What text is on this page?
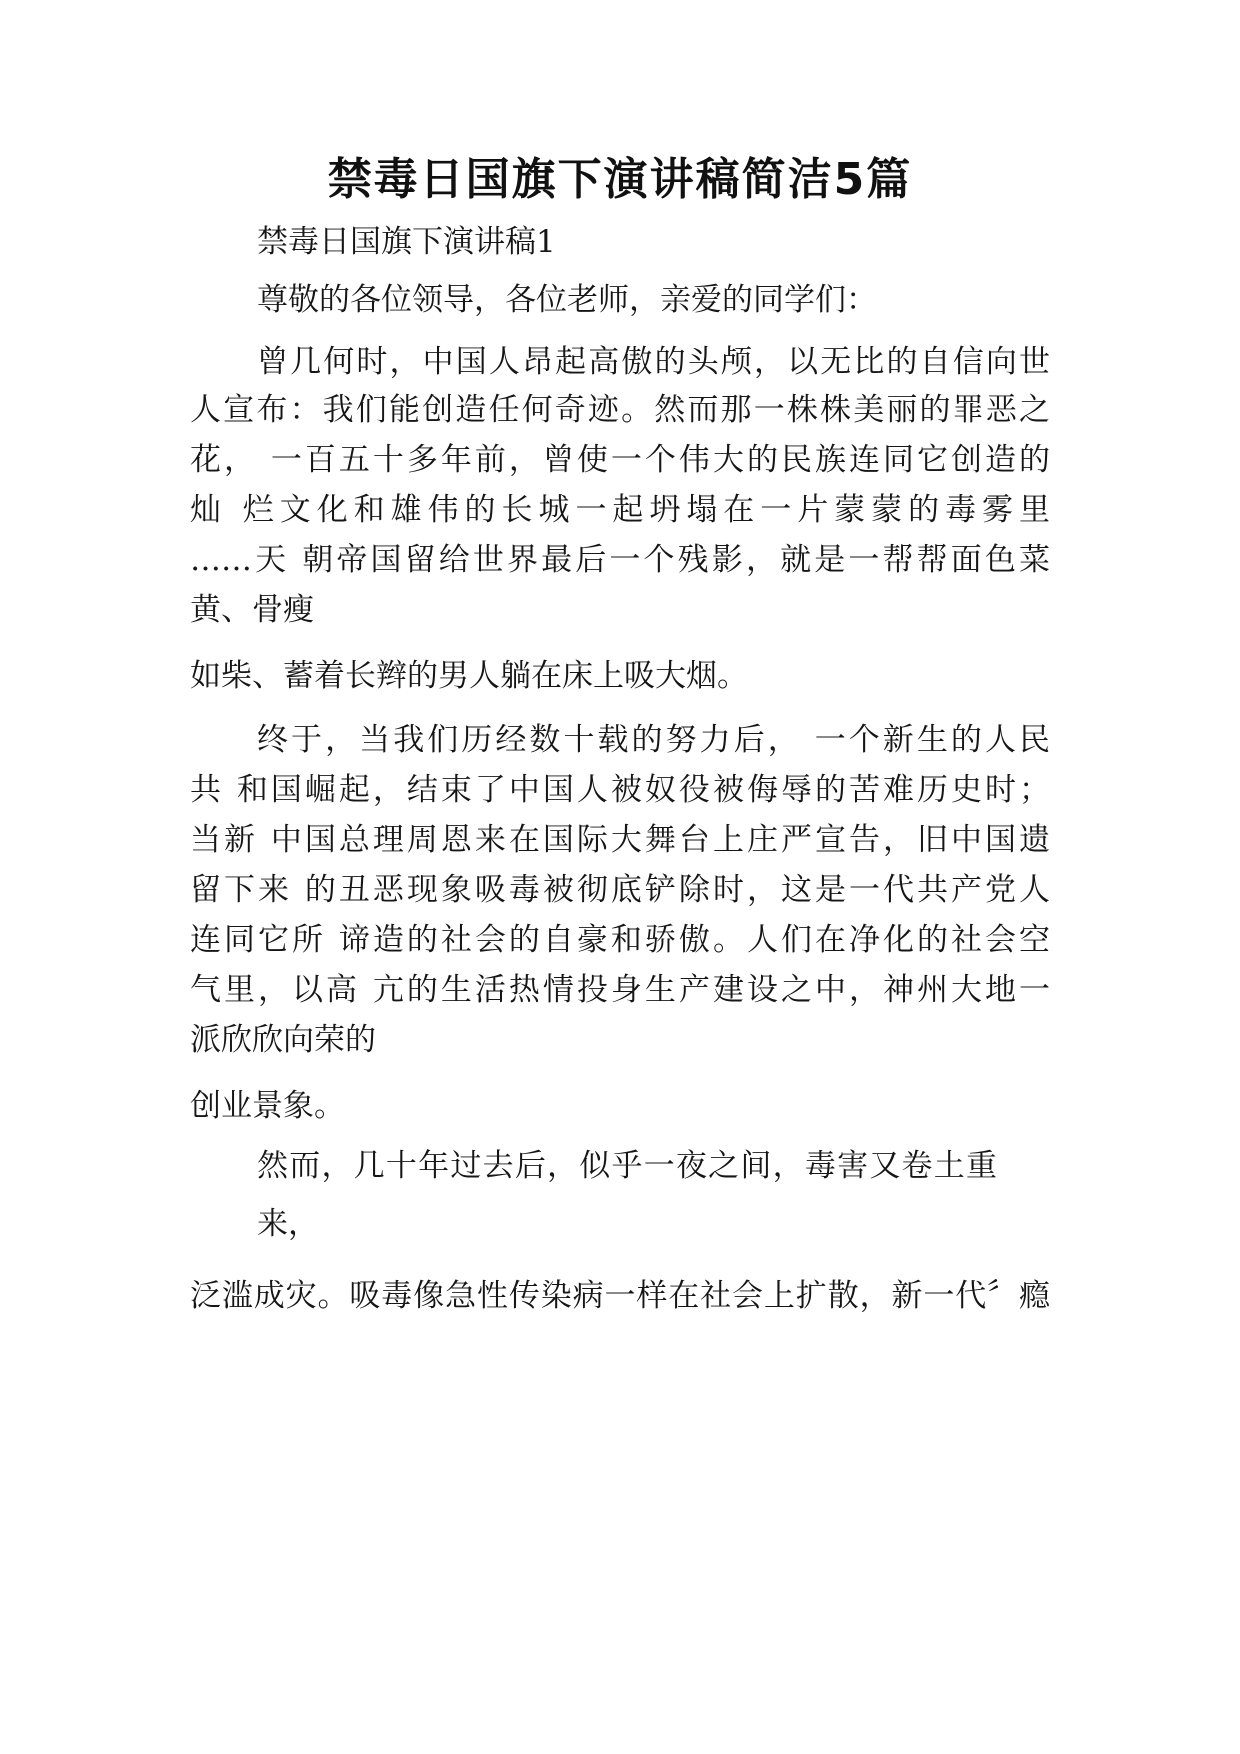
禁毒日国旗下演讲稿简洁5篇
禁毒日国旗下演讲稿1
尊敬的各位领导，各位老师，亲爱的同学们：
曾几何时，中国人昂起高傲的头颅，以无比的自信向世
人宣布：我们能创造任何奇迹。然而那一株株美丽的罪恶之
花， 一百五十多年前，曾使一个伟大的民族连同它创造的
灿 烂文化和雄伟的长城一起坍塌在一片蒙蒙的毒雾里
……天 朝帝国留给世界最后一个残影，就是一帮帮面色菜
黄、骨瘦
如柴、蓄着长辫的男人躺在床上吸大烟。
终于，当我们历经数十载的努力后， 一个新生的人民
共 和国崛起，结束了中国人被奴役被侮辱的苦难历史时；
当新 中国总理周恩来在国际大舞台上庄严宣告，旧中国遗
留下来 的丑恶现象吸毒被彻底铲除时，这是一代共产党人
连同它所 谛造的社会的自豪和骄傲。人们在净化的社会空
气里，以高 亢的生活热情投身生产建设之中，神州大地一
派欣欣向荣的
创业景象。
然而，几十年过去后，似乎一夜之间，毒害又卷土重
来，
泛滥成灾。吸毒像急性传染病一样在社会上扩散，新一代〞瘾
